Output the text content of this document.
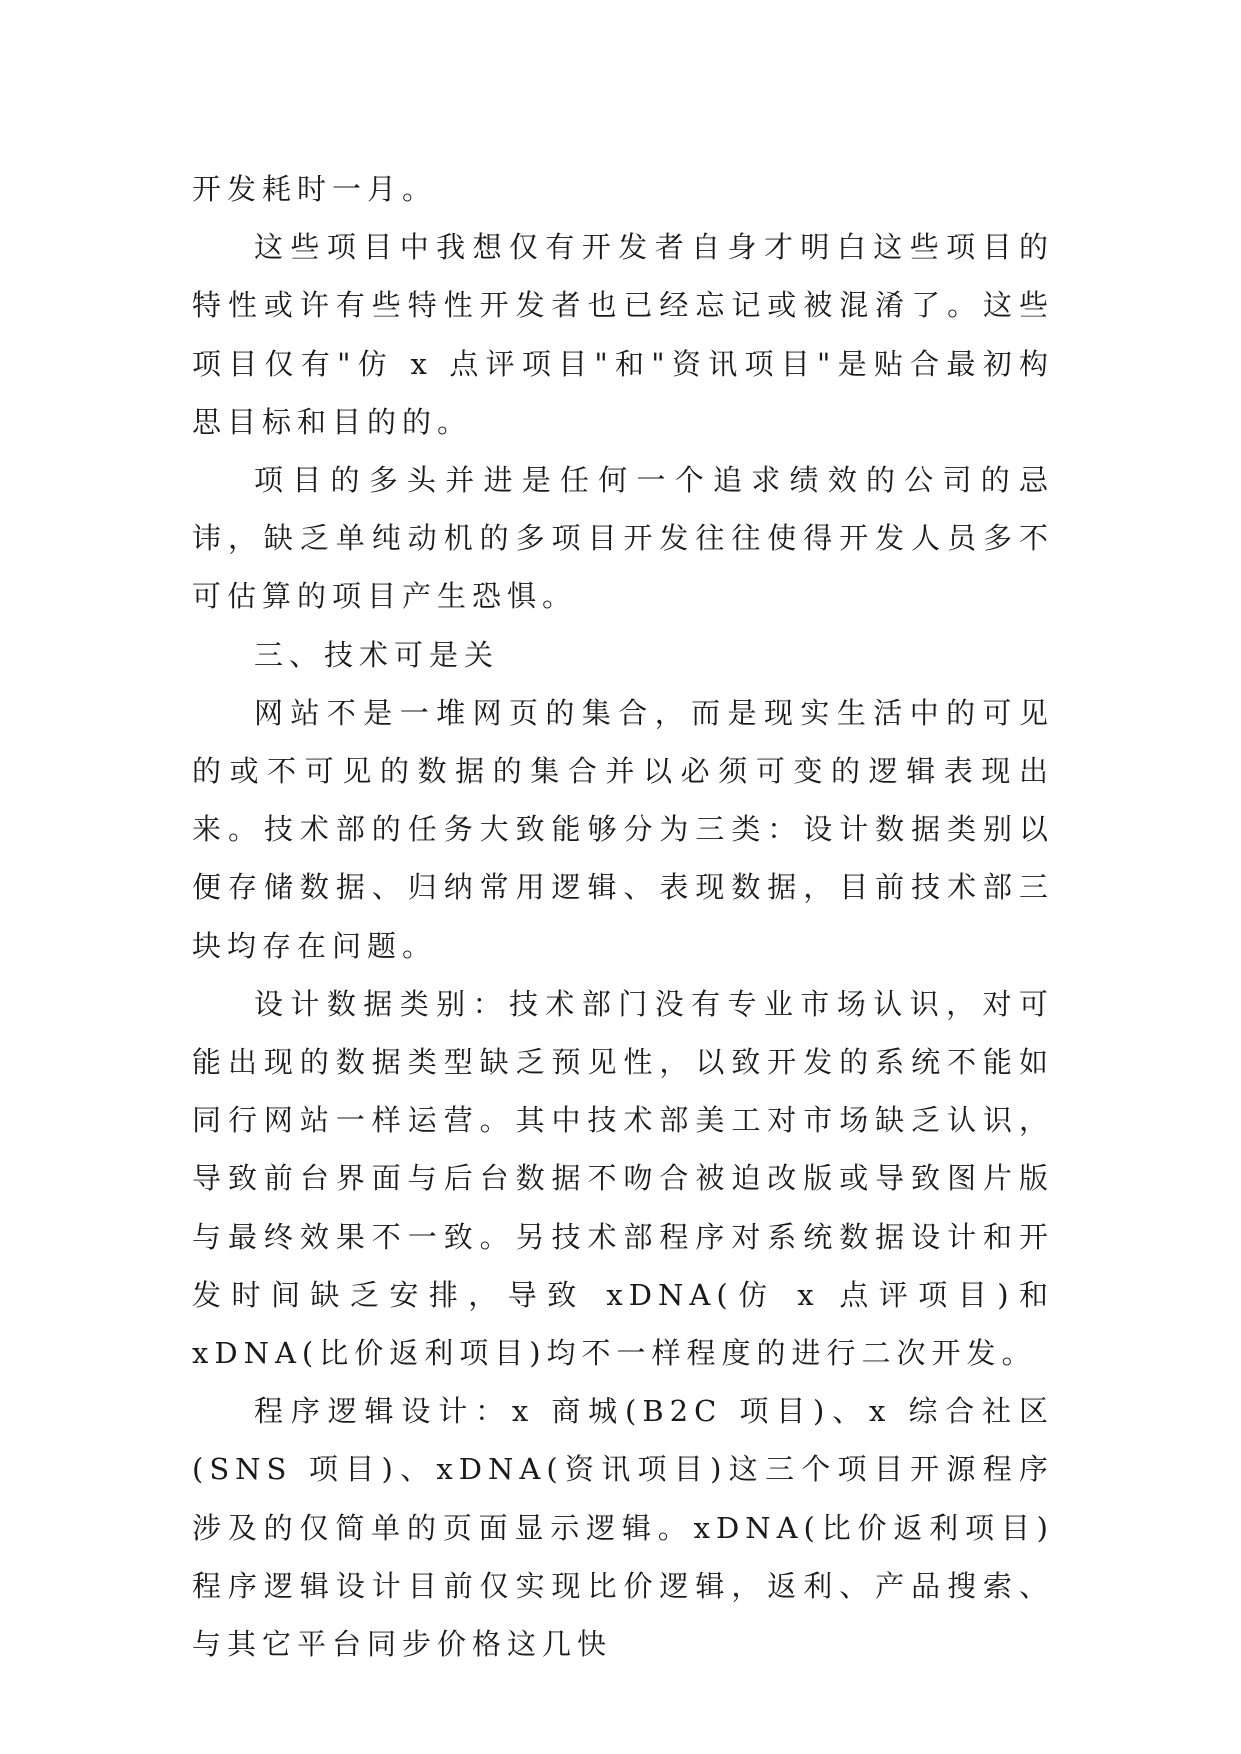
开发耗时一月。

这些项目中我想仅有开发者自身才明白这些项目的特性或许有些特性开发者也已经忘记或被混淆了。这些项目仅有"仿 x 点评项目"和"资讯项目"是贴合最初构思目标和目的的。

项目的多头并进是任何一个追求绩效的公司的忌讳，缺乏单纯动机的多项目开发往往使得开发人员多不可估算的项目产生恐惧。

三、技术可是关

网站不是一堆网页的集合，而是现实生活中的可见的或不可见的数据的集合并以必须可变的逻辑表现出来。技术部的任务大致能够分为三类：设计数据类别以便存储数据、归纳常用逻辑、表现数据，目前技术部三块均存在问题。

设计数据类别：技术部门没有专业市场认识，对可能出现的数据类型缺乏预见性，以致开发的系统不能如同行网站一样运营。其中技术部美工对市场缺乏认识，导致前台界面与后台数据不吻合被迫改版或导致图片版与最终效果不一致。另技术部程序对系统数据设计和开发时间缺乏安排，导致 xDNA(仿 x 点评项目)和 xDNA(比价返利项目)均不一样程度的进行二次开发。

程序逻辑设计：x 商城(B2C 项目)、x 综合社区(SNS 项目)、xDNA(资讯项目)这三个项目开源程序涉及的仅简单的页面显示逻辑。xDNA(比价返利项目)程序逻辑设计目前仅实现比价逻辑，返利、产品搜索、与其它平台同步价格这几快
